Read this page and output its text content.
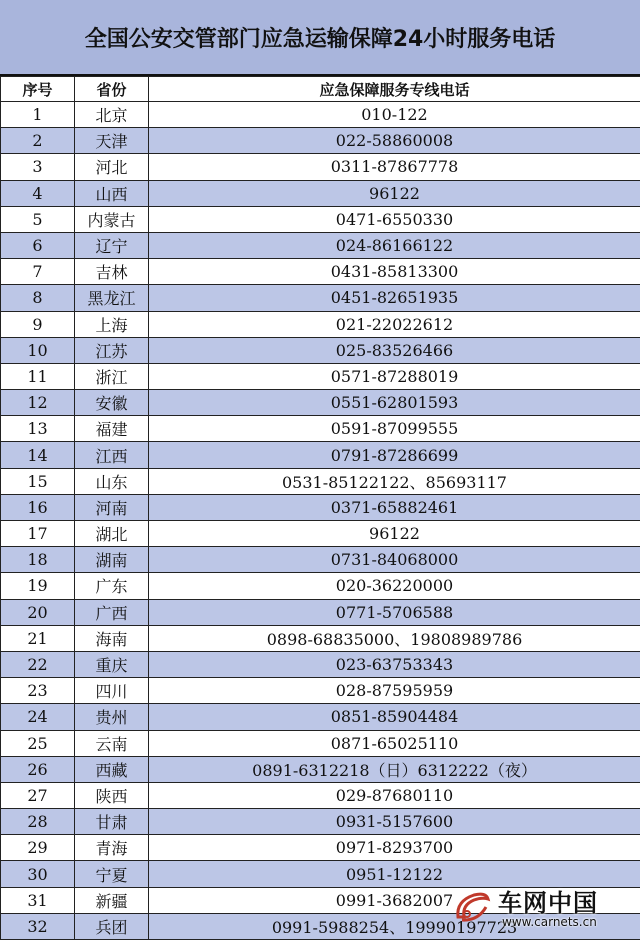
全国公安交管部门应急运输保障24小时服务电话
序号	省份	应急保障服务专线电话
1	北京	010-122
2	天津	022-58860008
3	河北	0311-87867778
4	山西	96122
5	内蒙古	0471-6550330
6	辽宁	024-86166122
7	吉林	0431-85813300
8	黑龙江	0451-82651935
9	上海	021-22022612
10	江苏	025-83526466
11	浙江	0571-87288019
12	安徽	0551-62801593
13	福建	0591-87099555
14	江西	0791-87286699
15	山东	0531-85122122、85693117
16	河南	0371-65882461
17	湖北	96122
18	湖南	0731-84068000
19	广东	020-36220000
20	广西	0771-5706588
21	海南	0898-68835000、19808989786
22	重庆	023-63753343
23	四川	028-87595959
24	贵州	0851-85904484
25	云南	0871-65025110
26	西藏	0891-6312218（日）6312222（夜）
27	陕西	029-87680110
28	甘肃	0931-5157600
29	青海	0971-8293700
30	宁夏	0951-12122
31	新疆	0991-3682007
32	兵团	0991-5988254、19990197723
车网中国
www.carnets.cn
